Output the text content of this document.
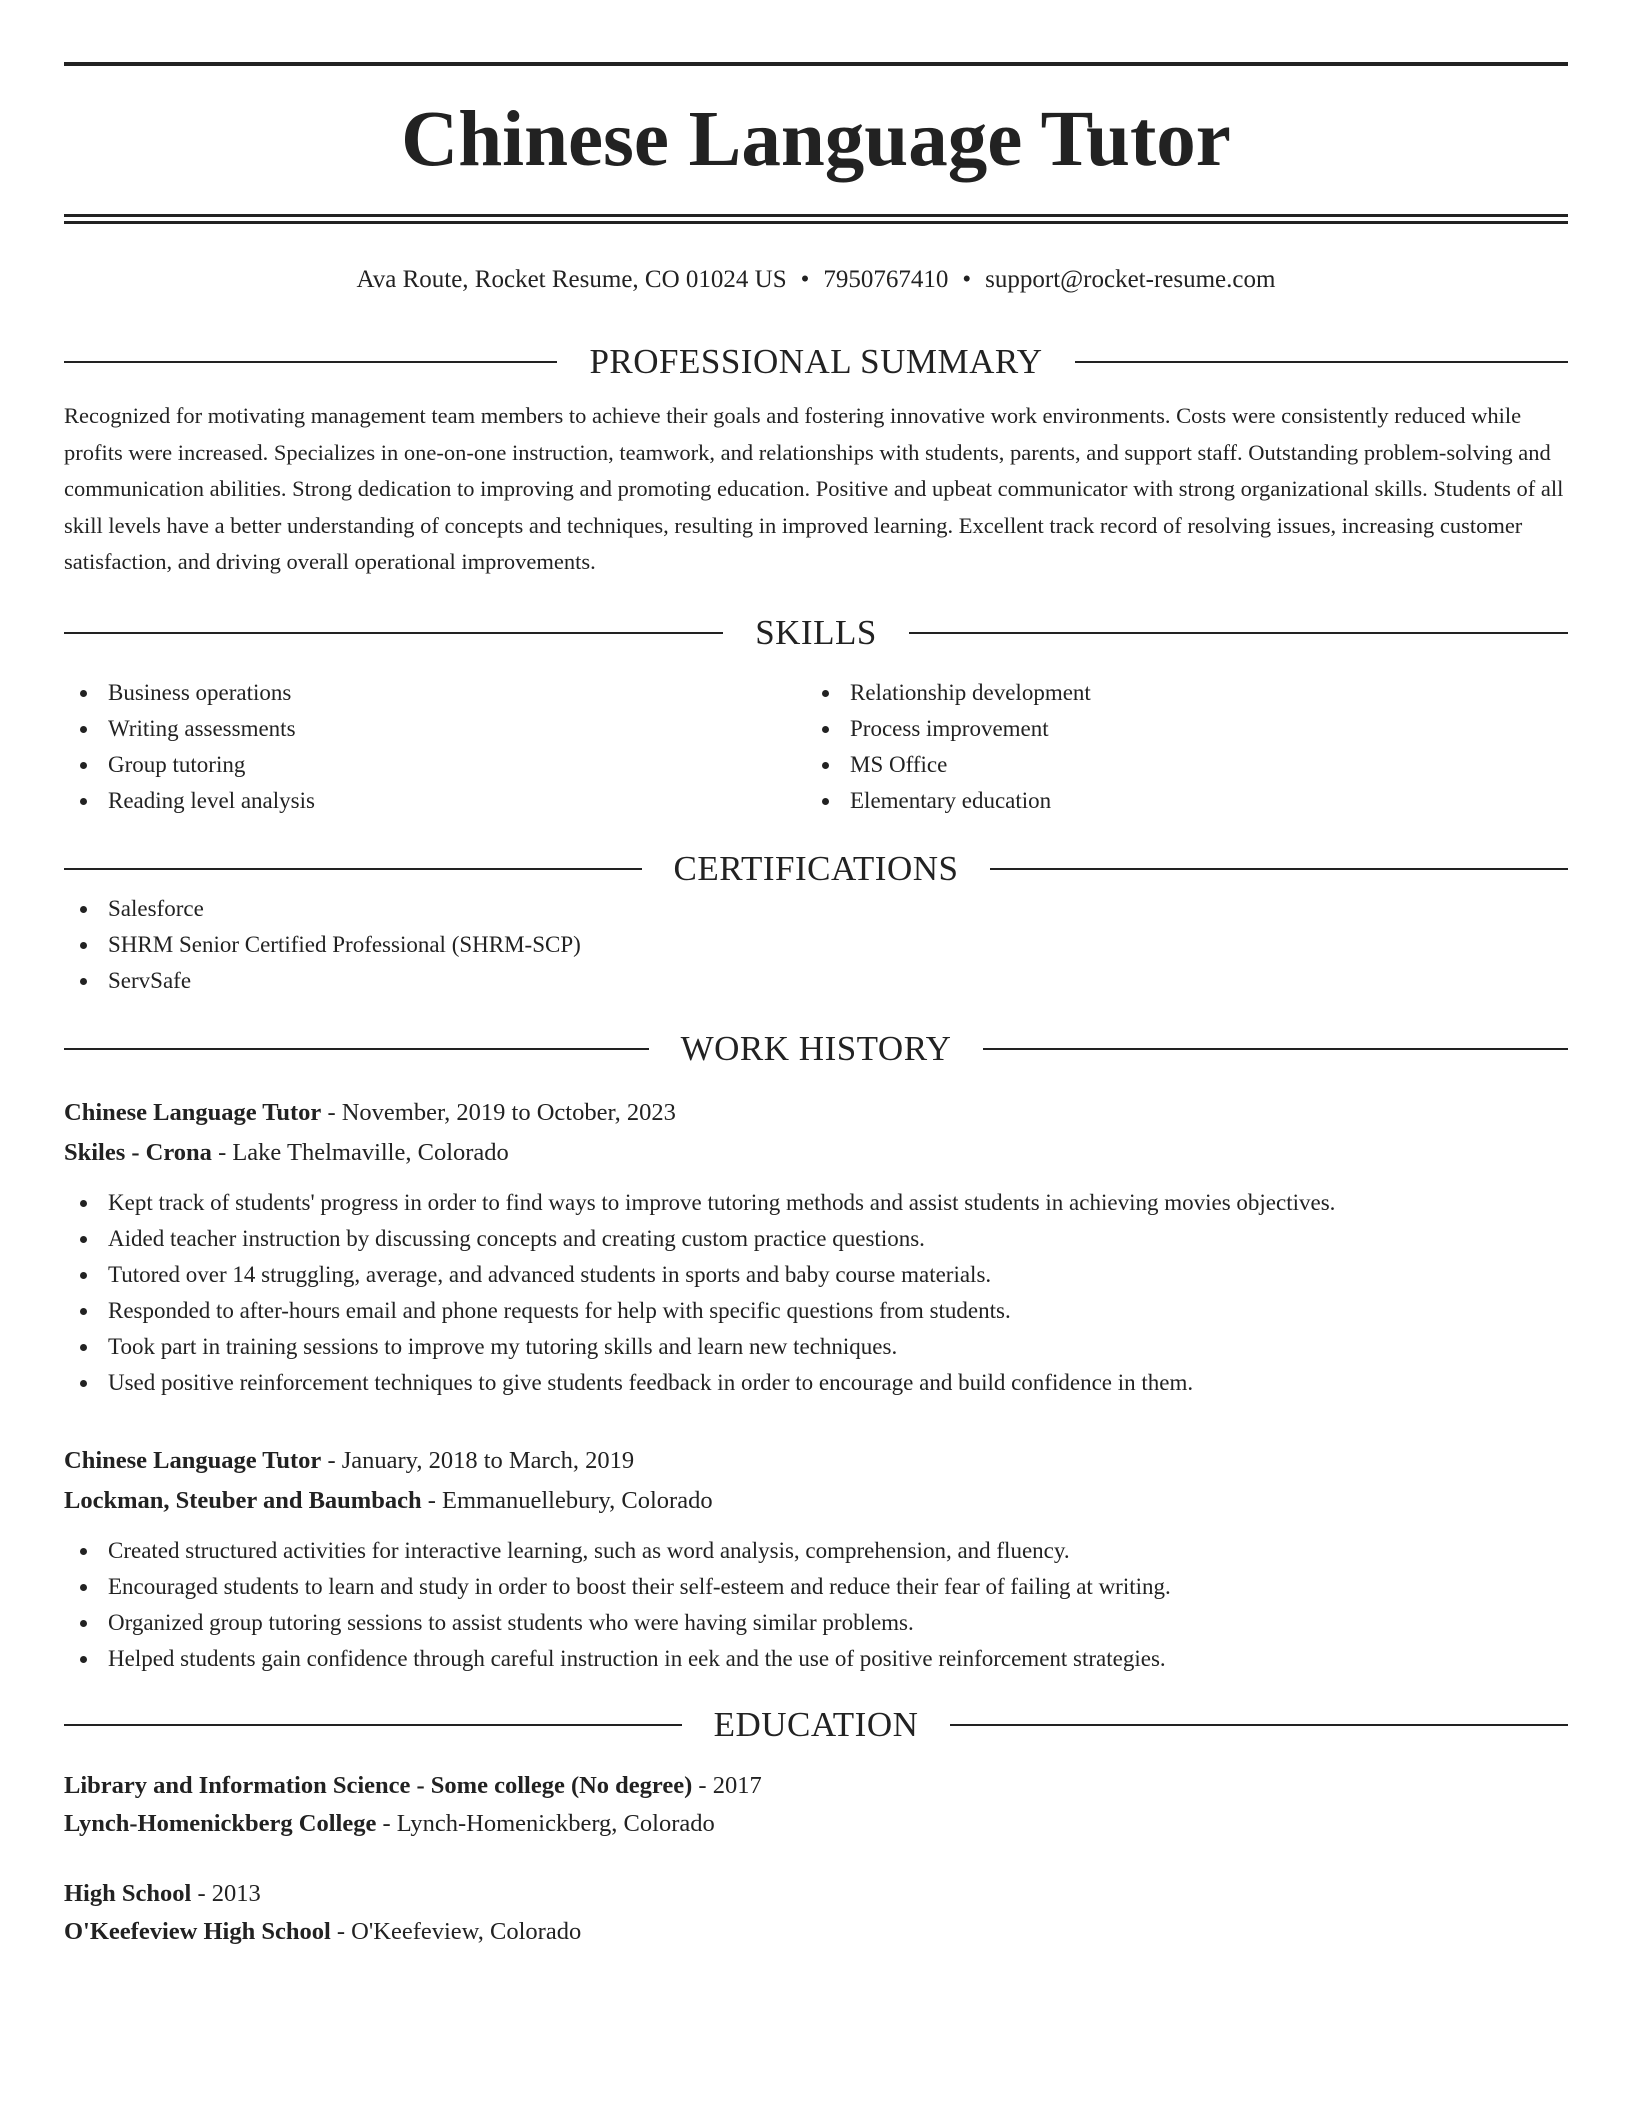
Chinese Language Tutor
Ava Route, Rocket Resume, CO 01024 US • 7950767410 • support@rocket-resume.com
PROFESSIONAL SUMMARY

Recognized for motivating management team members to achieve their goals and fostering innovative work environments. Costs were consistently reduced while profits were increased. Specializes in one-on-one instruction, teamwork, and relationships with students, parents, and support staff. Outstanding problem-solving and communication abilities. Strong dedication to improving and promoting education. Positive and upbeat communicator with strong organizational skills. Students of all skill levels have a better understanding of concepts and techniques, resulting in improved learning. Excellent track record of resolving issues, increasing customer satisfaction, and driving overall operational improvements.

SKILLS
Business operations
Writing assessments
Group tutoring
Reading level analysis
Relationship development
Process improvement
MS Office
Elementary education
CERTIFICATIONS
Salesforce
SHRM Senior Certified Professional (SHRM-SCP)
ServSafe
WORK HISTORY
Chinese Language Tutor - November, 2019 to October, 2023
Skiles - Crona - Lake Thelmaville, Colorado
Kept track of students' progress in order to find ways to improve tutoring methods and assist students in achieving movies objectives.
Aided teacher instruction by discussing concepts and creating custom practice questions.
Tutored over 14 struggling, average, and advanced students in sports and baby course materials.
Responded to after-hours email and phone requests for help with specific questions from students.
Took part in training sessions to improve my tutoring skills and learn new techniques.
Used positive reinforcement techniques to give students feedback in order to encourage and build confidence in them.
Chinese Language Tutor - January, 2018 to March, 2019
Lockman, Steuber and Baumbach - Emmanuellebury, Colorado
Created structured activities for interactive learning, such as word analysis, comprehension, and fluency.
Encouraged students to learn and study in order to boost their self-esteem and reduce their fear of failing at writing.
Organized group tutoring sessions to assist students who were having similar problems.
Helped students gain confidence through careful instruction in eek and the use of positive reinforcement strategies.
EDUCATION
Library and Information Science - Some college (No degree) - 2017
Lynch-Homenickberg College - Lynch-Homenickberg, Colorado
High School - 2013
O'Keefeview High School - O'Keefeview, Colorado
